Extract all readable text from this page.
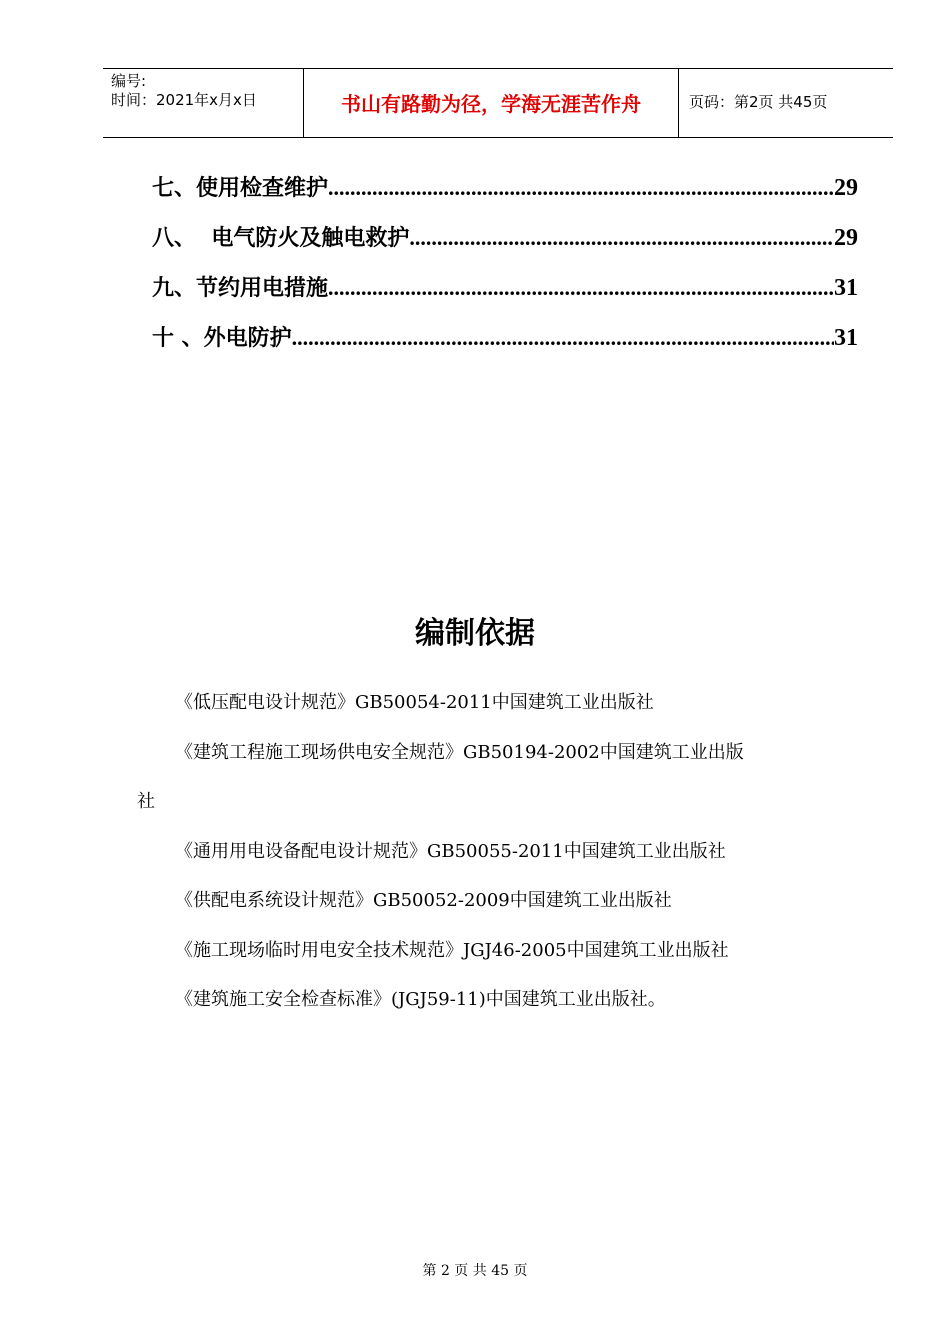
编号:
时间：2021年x月x日	书山有路勤为径，学海无涯苦作舟	页码：第2页 共45页
七、使用检查维护 .....	29
八、  电气防火及触电救护 .....	29
九、节约用电措施 .....	31
十 、外电防护 .....	31
编制依据
《低压配电设计规范》GB50054-2011中国建筑工业出版社
《建筑工程施工现场供电安全规范》GB50194-2002中国建筑工业出版
社
《通用用电设备配电设计规范》GB50055-2011中国建筑工业出版社
《供配电系统设计规范》GB50052-2009中国建筑工业出版社
《施工现场临时用电安全技术规范》JGJ46-2005中国建筑工业出版社
《建筑施工安全检查标准》(JGJ59-11)中国建筑工业出版社。
第 2 页 共 45 页
